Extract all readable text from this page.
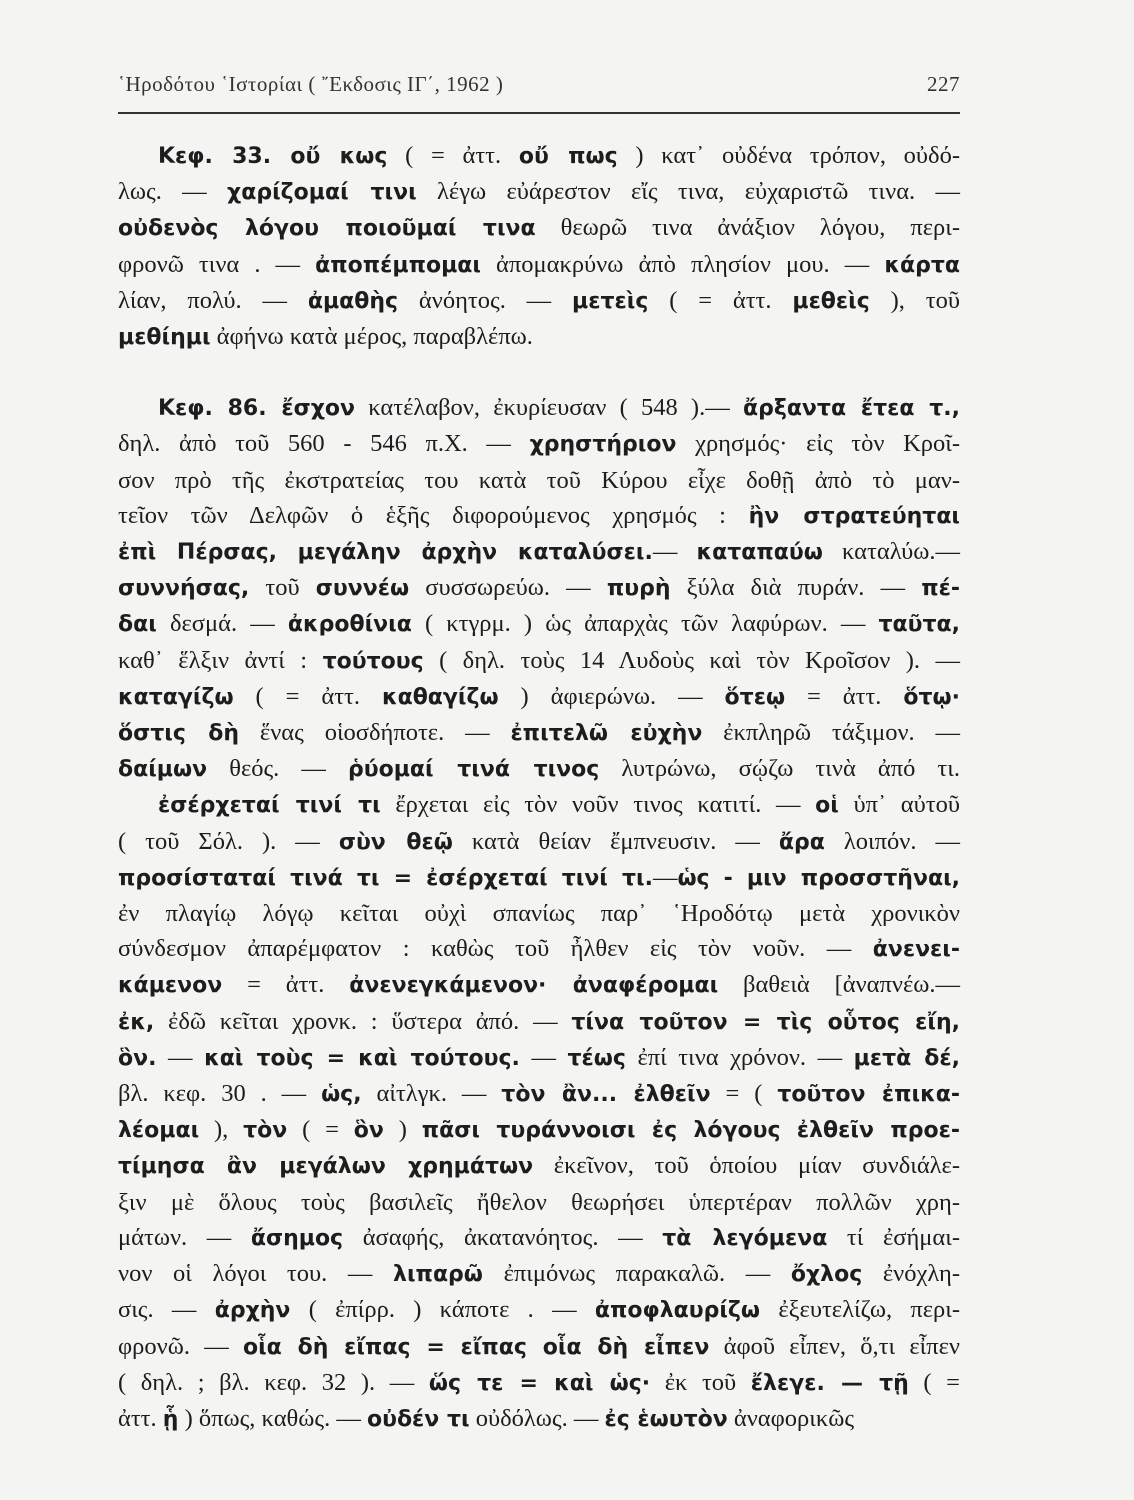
῾Ηροδότου ῾Ιστορίαι ( ῎Εκδοσις ΙΓ΄, 1962 )	227
Κεφ. 33. οὔ κως ( = ἀττ. οὔ πως ) κατ᾽ οὐδένα τρόπον, οὐδό-
λως. — χαρίζομαί τινι λέγω εὐάρεστον εἴς τινα, εὐχαριστῶ τινα. —
οὐδενὸς λόγου ποιοῦμαί τινα θεωρῶ τινα ἀνάξιον λόγου, περι-
φρονῶ τινα . — ἀποπέμπομαι ἀπομακρύνω ἀπὸ πλησίον μου. — κάρτα
λίαν, πολύ. — ἀμαθὴς ἀνόητος. — μετεὶς ( = ἀττ. μεθεὶς ), τοῦ
μεθίημι ἀφήνω κατὰ μέρος, παραβλέπω.
Κεφ. 86. ἔσχον κατέλαβον, ἐκυρίευσαν ( 548 ).— ἄρξαντα ἔτεα τ.,
δηλ. ἀπὸ τοῦ 560 - 546 π.Χ. — χρηστήριον χρησμός· εἰς τὸν Κροῖ-
σον πρὸ τῆς ἐκστρατείας του κατὰ τοῦ Κύρου εἶχε δοθῇ ἀπὸ τὸ μαν-
τεῖον τῶν Δελφῶν ὁ ἑξῆς διφορούμενος χρησμός : ἢν στρατεύηται
ἐπὶ Πέρσας, μεγάλην ἀρχὴν καταλύσει.— καταπαύω καταλύω.—
συννήσας, τοῦ συννέω συσσωρεύω. — πυρὴ ξύλα διὰ πυράν. — πέ-
δαι δεσμά. — ἀκροθίνια ( κτγρμ. ) ὡς ἀπαρχὰς τῶν λαφύρων. — ταῦτα,
καθ᾽ ἕλξιν ἀντί : τούτους ( δηλ. τοὺς 14 Λυδοὺς καὶ τὸν Κροῖσον ). —
καταγίζω ( = ἀττ. καθαγίζω ) ἀφιερώνω. — ὅτεῳ = ἀττ. ὅτῳ·
ὅστις δὴ ἕνας οἱοσδήποτε. — ἐπιτελῶ εὐχὴν ἐκπληρῶ τάξιμον. —
δαίμων θεός. — ῥύομαί τινά τινος λυτρώνω, σῴζω τινὰ ἀπό τι.
ἐσέρχεταί τινί τι ἔρχεται εἰς τὸν νοῦν τινος κατιτί. — οἱ ὑπ᾽ αὐτοῦ
( τοῦ Σόλ. ). — σὺν θεῷ κατὰ θείαν ἔμπνευσιν. — ἄρα λοιπόν. —
προσίσταταί τινά τι = ἐσέρχεταί τινί τι.—ὡς - μιν προσστῆναι,
ἐν πλαγίῳ λόγῳ κεῖται οὐχὶ σπανίως παρ᾽ ῾Ηροδότῳ μετὰ χρονικὸν
σύνδεσμον ἀπαρέμφατον : καθὼς τοῦ ἦλθεν εἰς τὸν νοῦν. — ἀνενει-
κάμενον = ἀττ. ἀνενεγκάμενον· ἀναφέρομαι βαθειὰ [ἀναπνέω.—
ἐκ, ἐδῶ κεῖται χρονκ. : ὕστερα ἀπό. — τίνα τοῦτον = τὶς οὗτος εἴη,
ὃν. — καὶ τοὺς = καὶ τούτους. — τέως ἐπί τινα χρόνον. — μετὰ δέ,
βλ. κεφ. 30 . — ὡς, αἰτλγκ. — τὸν ἂν... ἐλθεῖν = ( τοῦτον ἐπικα-
λέομαι ), τὸν ( = ὃν ) πᾶσι τυράννοισι ἐς λόγους ἐλθεῖν προε-
τίμησα ἂν μεγάλων χρημάτων ἐκεῖνον, τοῦ ὁποίου μίαν συνδιάλε-
ξιν μὲ ὅλους τοὺς βασιλεῖς ἤθελον θεωρήσει ὑπερτέραν πολλῶν χρη-
μάτων. — ἄσημος ἀσαφής, ἀκατανόητος. — τὰ λεγόμενα τί ἐσήμαι-
νον οἱ λόγοι του. — λιπαρῶ ἐπιμόνως παρακαλῶ. — ὄχλος ἐνόχλη-
σις. — ἀρχὴν ( ἐπίρρ. ) κάποτε . — ἀποφλαυρίζω ἐξευτελίζω, περι-
φρονῶ. — οἷα δὴ εἴπας = εἴπας οἷα δὴ εἶπεν ἀφοῦ εἶπεν, ὅ,τι εἶπεν
( δηλ. ; βλ. κεφ. 32 ). — ὥς τε = καὶ ὡς· ἐκ τοῦ ἔλεγε. — τῇ ( =
ἀττ. ᾗ ) ὅπως, καθώς. — οὐδέν τι οὐδόλως. — ἐς ἑωυτὸν ἀναφορικῶς
